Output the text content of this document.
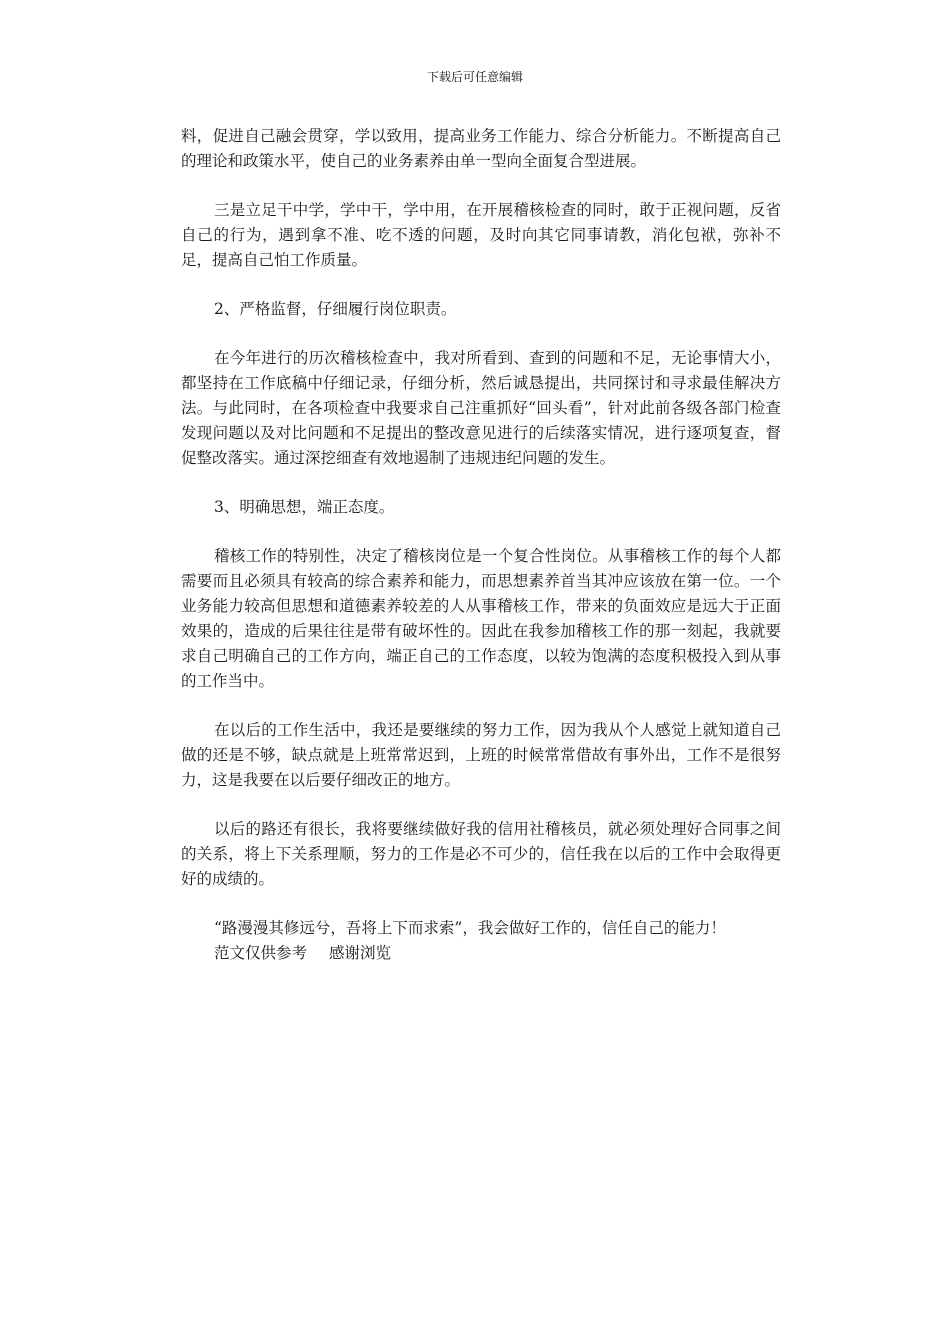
下载后可任意编辑

料，促进自己融会贯穿，学以致用，提高业务工作能力、综合分析能力。不断提高自己的理论和政策水平，使自己的业务素养由单一型向全面复合型进展。

三是立足干中学，学中干，学中用，在开展稽核检查的同时，敢于正视问题，反省自己的行为，遇到拿不准、吃不透的问题，及时向其它同事请教，消化包袱，弥补不足，提高自己怕工作质量。

2、严格监督，仔细履行岗位职责。

在今年进行的历次稽核检查中，我对所看到、查到的问题和不足，无论事情大小，都坚持在工作底稿中仔细记录，仔细分析，然后诚恳提出，共同探讨和寻求最佳解决方法。与此同时，在各项检查中我要求自己注重抓好“回头看”，针对此前各级各部门检查发现问题以及对比问题和不足提出的整改意见进行的后续落实情况，进行逐项复查，督促整改落实。通过深挖细查有效地遏制了违规违纪问题的发生。

3、明确思想，端正态度。

稽核工作的特别性，决定了稽核岗位是一个复合性岗位。从事稽核工作的每个人都需要而且必须具有较高的综合素养和能力，而思想素养首当其冲应该放在第一位。一个业务能力较高但思想和道德素养较差的人从事稽核工作，带来的负面效应是远大于正面效果的，造成的后果往往是带有破坏性的。因此在我参加稽核工作的那一刻起，我就要求自己明确自己的工作方向，端正自己的工作态度，以较为饱满的态度积极投入到从事的工作当中。

在以后的工作生活中，我还是要继续的努力工作，因为我从个人感觉上就知道自己做的还是不够，缺点就是上班常常迟到，上班的时候常常借故有事外出，工作不是很努力，这是我要在以后要仔细改正的地方。

以后的路还有很长，我将要继续做好我的信用社稽核员，就必须处理好合同事之间的关系，将上下关系理顺，努力的工作是必不可少的，信任我在以后的工作中会取得更好的成绩的。

“路漫漫其修远兮，吾将上下而求索”，我会做好工作的，信任自己的能力！

范文仅供参考 感谢浏览
